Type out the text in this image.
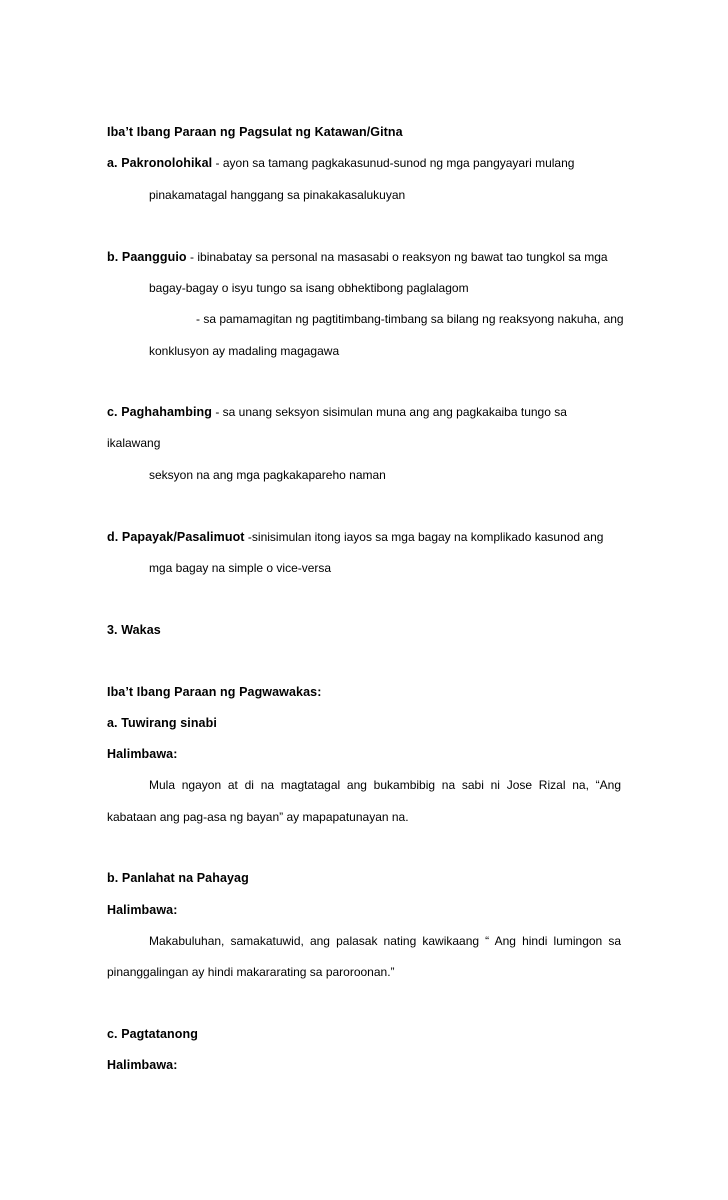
Iba’t Ibang Paraan ng Pagsulat ng Katawan/Gitna
a. Pakronolohikal - ayon sa tamang pagkakasunud-sunod ng mga pangyayari mulang
pinakamatagal hanggang sa pinakakasalukuyan
b. Paangguio - ibinabatay sa personal na masasabi o reaksyon ng bawat tao tungkol sa mga
bagay-bagay o isyu tungo sa isang obhektibong paglalagom
- sa pamamagitan ng pagtitimbang-timbang sa bilang ng reaksyong nakuha, ang
konklusyon ay madaling magagawa
c. Paghahambing - sa unang seksyon sisimulan muna ang ang pagkakaiba tungo sa
ikalawang
seksyon na ang mga pagkakapareho naman
d. Papayak/Pasalimuot -sinisimulan itong iayos sa mga bagay na komplikado kasunod ang
mga bagay na simple o vice-versa
3. Wakas
Iba’t Ibang Paraan ng Pagwawakas:
a. Tuwirang sinabi
Halimbawa:
Mula ngayon at di na magtatagal ang bukambibig na sabi ni Jose Rizal na, “Ang
kabataan ang pag-asa ng bayan” ay mapapatunayan na.
b. Panlahat na Pahayag
Halimbawa:
Makabuluhan, samakatuwid, ang palasak nating kawikaang “ Ang hindi lumingon sa
pinanggalingan ay hindi makararating sa paroroonan.”
c. Pagtatanong
Halimbawa:
